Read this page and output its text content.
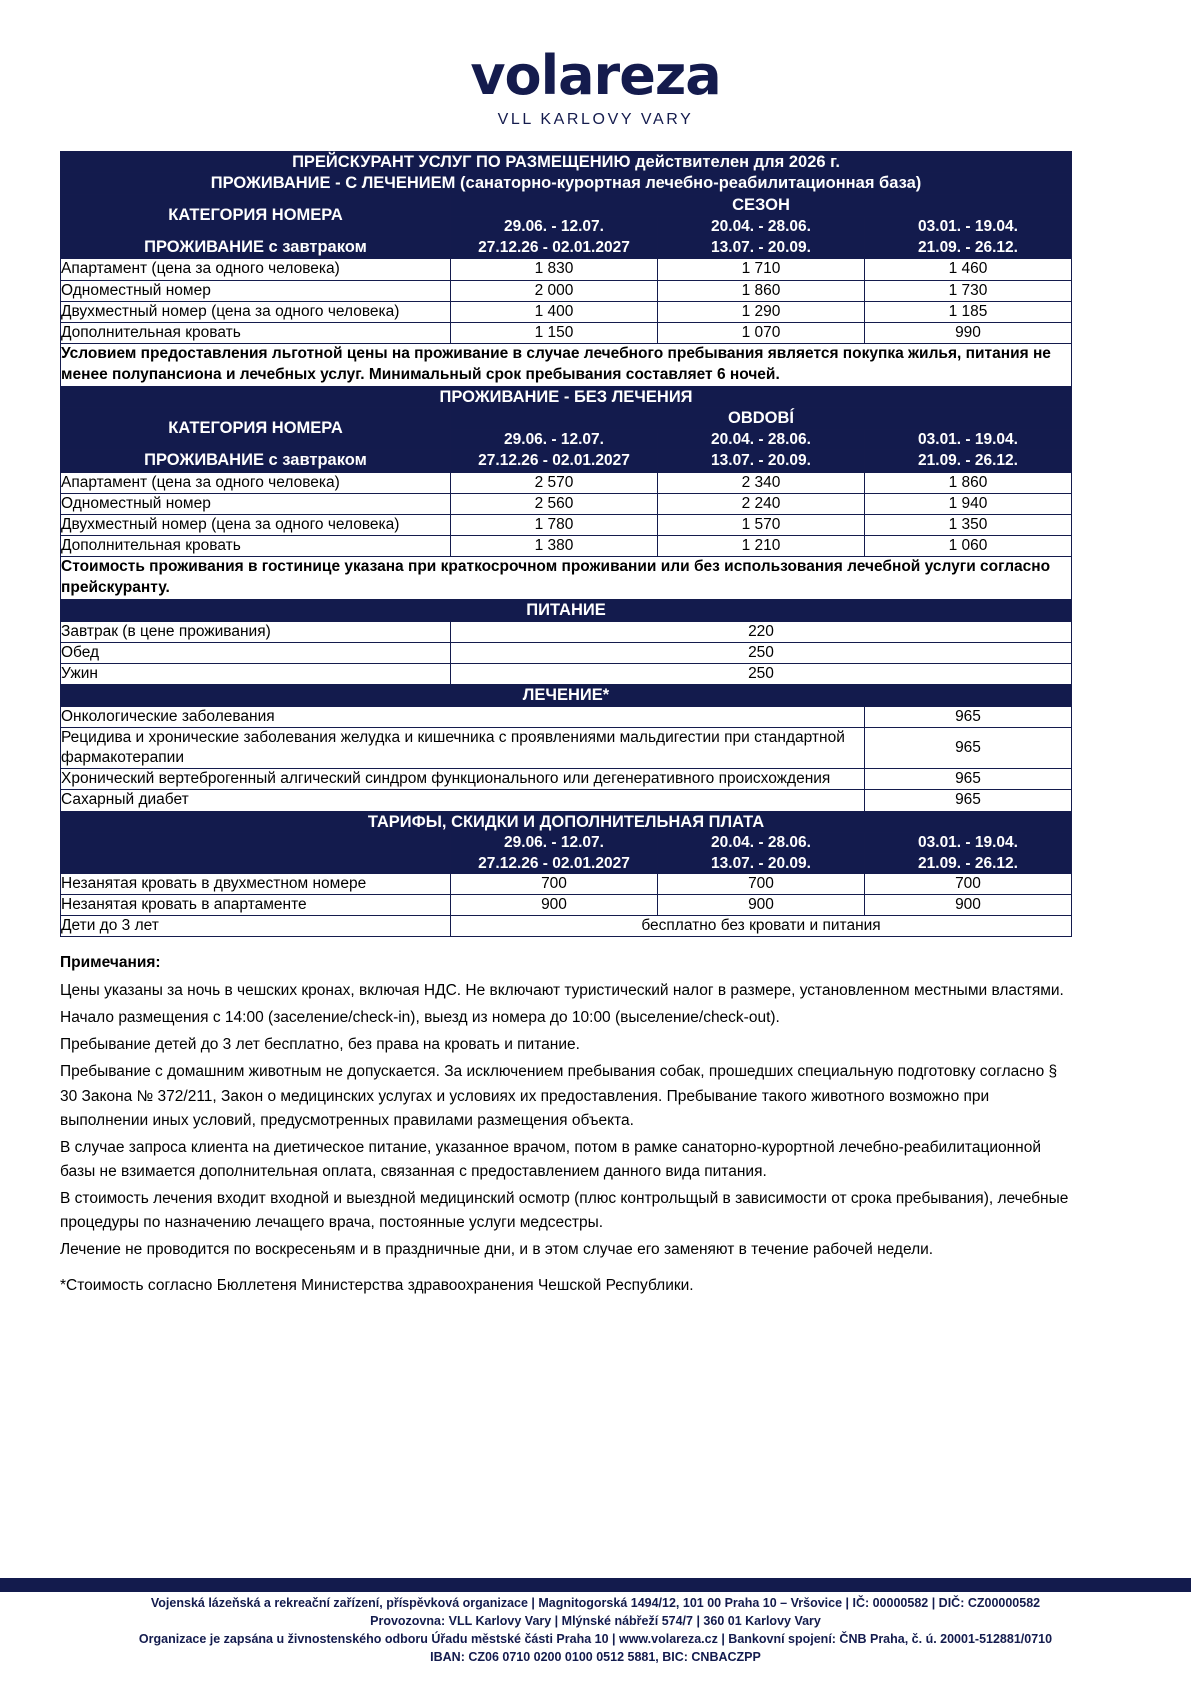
volareza
VLL KARLOVY VARY
ПРЕЙСКУРАНТ УСЛУГ ПО РАЗМЕЩЕНИЮ действителен для 2026 г.			
ПРОЖИВАНИЕ - С ЛЕЧЕНИЕМ (санаторно-курортная лечебно-реабилитационная база)			
КАТЕГОРИЯ НОМЕРА	СЕЗОН		
	29.06. - 12.07.	20.04. - 28.06.	03.01. - 19.04.
ПРОЖИВАНИЕ с завтраком	27.12.26 - 02.01.2027	13.07. - 20.09.	21.09. - 26.12.
Апартамент (цена за одного человека)	1 830	1 710	1 460
Одноместный номер	2 000	1 860	1 730
Двухместный номер (цена за одного человека)	1 400	1 290	1 185
Дополнительная кровать	1 150	1 070	990
Условием предоставления льготной цены на проживание в случае лечебного пребывания является покупка жилья, питания не менее полупансиона и лечебных услуг. Минимальный срок пребывания составляет 6 ночей.			
ПРОЖИВАНИЕ - БЕЗ ЛЕЧЕНИЯ			
КАТЕГОРИЯ НОМЕРА	ОBDOBÍ		
	29.06. - 12.07.	20.04. - 28.06.	03.01. - 19.04.
ПРОЖИВАНИЕ с завтраком	27.12.26 - 02.01.2027	13.07. - 20.09.	21.09. - 26.12.
Апартамент (цена за одного человека)	2 570	2 340	1 860
Одноместный номер	2 560	2 240	1 940
Двухместный номер (цена за одного человека)	1 780	1 570	1 350
Дополнительная кровать	1 380	1 210	1 060
Стоимость проживания в гостинице указана при краткосрочном проживании или без использования лечебной услуги согласно прейскуранту.			
ПИТАНИЕ			
Завтрак (в цене проживания)	220		
Обед	250		
Ужин	250		
ЛЕЧЕНИЕ*			
Онкологические заболевания			965
Рецидива и хронические заболевания желудка и кишечника с проявлениями мальдигестии при стандартной фармакотерапии			965
Хронический вертеброгенный алгический синдром функционального или дегенеративного происхождения			965
Сахарный диабет			965
ТАРИФЫ, СКИДКИ И ДОПОЛНИТЕЛЬНАЯ ПЛАТА			
	29.06. - 12.07.	20.04. - 28.06.	03.01. - 19.04.
	27.12.26 - 02.01.2027	13.07. - 20.09.	21.09. - 26.12.
Незанятая кровать в двухместном номере	700	700	700
Незанятая кровать в апартаменте	900	900	900
Дети до 3 лет	бесплатно без кровати и питания		
Примечания:

Цены указаны за ночь в чешских кронах, включая НДС. Не включают туристический налог в размере, установленном местными властями.

Начало размещения с 14:00 (заселение/check-in), выезд из номера до 10:00 (выселение/check-out).

Пребывание детей до 3 лет бесплатно, без права на кровать и питание.

Пребывание с домашним животным не допускается. За исключением пребывания собак, прошедших специальную подготовку согласно § 30 Закона № 372/211, Закон о медицинских услугах и условиях их предоставления. Пребывание такого животного возможно при выполнении иных условий, предусмотренных правилами размещения объекта.

В случае запроса клиента на диетическое питание, указанное врачом, потом в рамке санаторно-курортной лечебно-реабилитационной базы не взимается дополнительная оплата, связанная с предоставлением данного вида питания.

В стоимость лечения входит входной и выездной медицинский осмотр (плюс контрольщый в зависимости от срока пребывания), лечебные процедуры по назначению лечащего врача, постоянные услуги медсестры.

Лечение не проводится по воскресеньям и в праздничные дни, и в этом случае его заменяют в течение рабочей недели.

*Стоимость согласно Бюллетеня Министерства здравоохранения Чешской Республики.

Vojenská lázeňská a rekreační zařízení, příspěvková organizace | Magnitogorská 1494/12, 101 00 Praha 10 – Vršovice | IČ: 00000582 | DIČ: CZ00000582
Provozovna: VLL Karlovy Vary | Mlýnské nábřeží 574/7 | 360 01 Karlovy Vary
Organizace je zapsána u živnostenského odboru Úřadu městské části Praha 10 | www.volareza.cz | Bankovní spojení: ČNB Praha, č. ú. 20001-512881/0710
IBAN: CZ06 0710 0200 0100 0512 5881, BIC: CNBACZPP
